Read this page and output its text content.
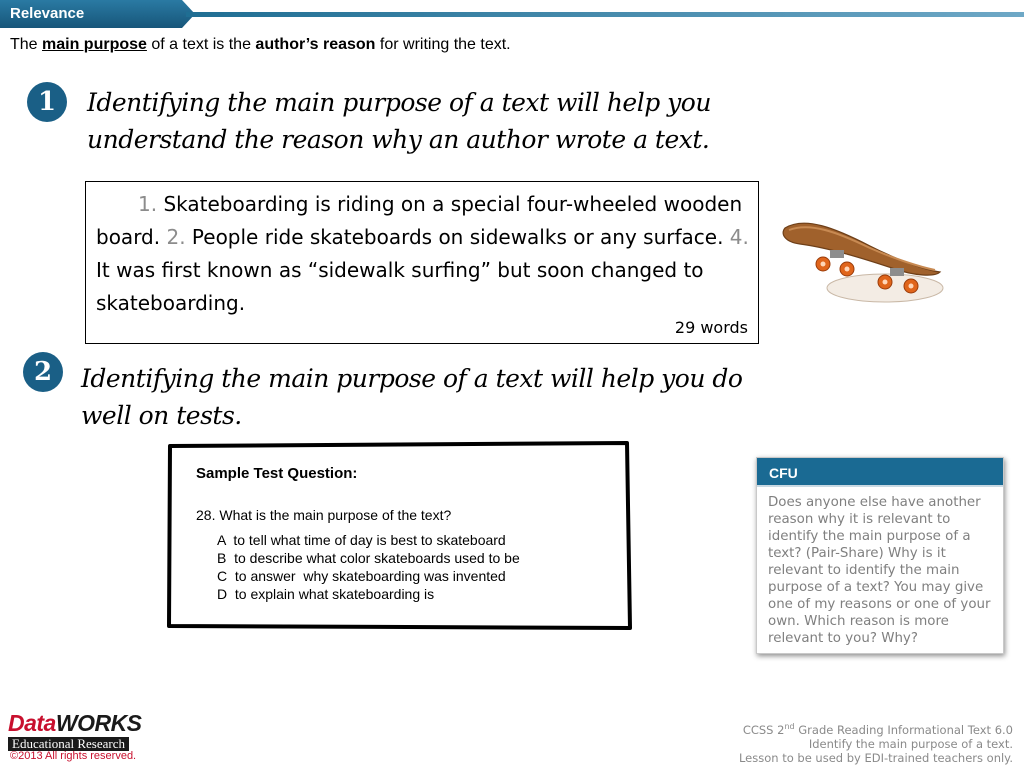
Relevance
The main purpose of a text is the author’s reason for writing the text.
1	Identifying the main purpose of a text will help you understand the reason why an author wrote a text.
1. Skateboarding is riding on a special four-wheeled wooden board. 2. People ride skateboards on sidewalks or any surface. 4. It was first known as “sidewalk surfing” but soon changed to skateboarding.
29 words
2	Identifying the main purpose of a text will help you do well on tests.
Sample Test Question:
28. What is the main purpose of the text?
A  to tell what time of day is best to skateboard
B  to describe what color skateboards used to be
C  to answer  why skateboarding was invented
D  to explain what skateboarding is
CFU
Does anyone else have another reason why it is relevant to identify the main purpose of a text? (Pair-Share) Why is it relevant to identify the main purpose of a text? You may give one of my reasons or one of your own. Which reason is more relevant to you? Why?
DataWORKS
Educational Research
©2013 All rights reserved.
CCSS 2nd Grade Reading Informational Text 6.0
Identify the main purpose of a text.
Lesson to be used by EDI-trained teachers only.
